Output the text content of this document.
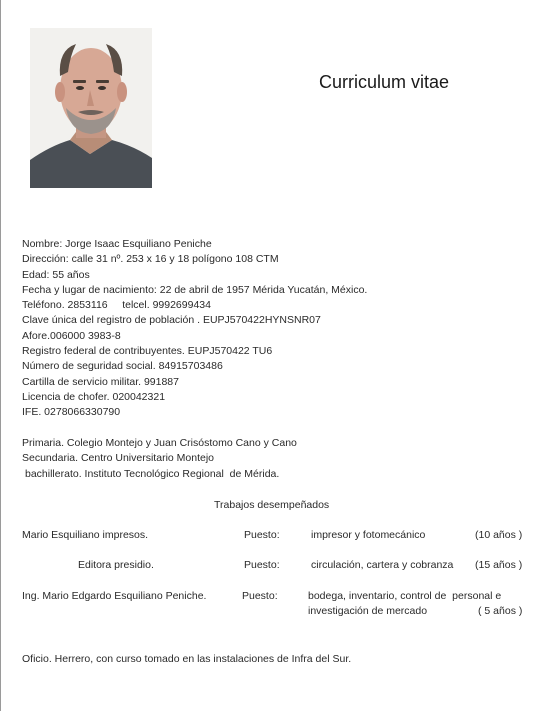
Curriculum vitae
Nombre: Jorge Isaac Esquiliano Peniche
Dirección: calle 31 nº. 253 x 16 y 18 polígono 108 CTM
Edad: 55 años
Fecha y lugar de nacimiento: 22 de abril de 1957 Mérida Yucatán, México.
Teléfono. 2853116     telcel. 9992699434
Clave única del registro de población . EUPJ570422HYNSNR07
Afore.006000 3983-8
Registro federal de contribuyentes. EUPJ570422 TU6
Número de seguridad social. 84915703486
Cartilla de servicio militar. 991887
Licencia de chofer. 020042321
IFE. 0278066330790
Primaria. Colegio Montejo y Juan Crisóstomo Cano y Cano
Secundaria. Centro Universitario Montejo
bachillerato. Instituto Tecnológico Regional  de Mérida.
Trabajos desempeñados
Mario Esquiliano impresos.	Puesto:	impresor y fotomecánico	(10 años )
Editora presidio.	Puesto:	circulación, cartera y cobranza (15 años )
Ing. Mario Edgardo Esquiliano Peniche.	Puesto:	bodega, inventario, control de  personal e
investigación de mercado	( 5 años )
Oficio. Herrero, con curso tomado en las instalaciones de Infra del Sur.
